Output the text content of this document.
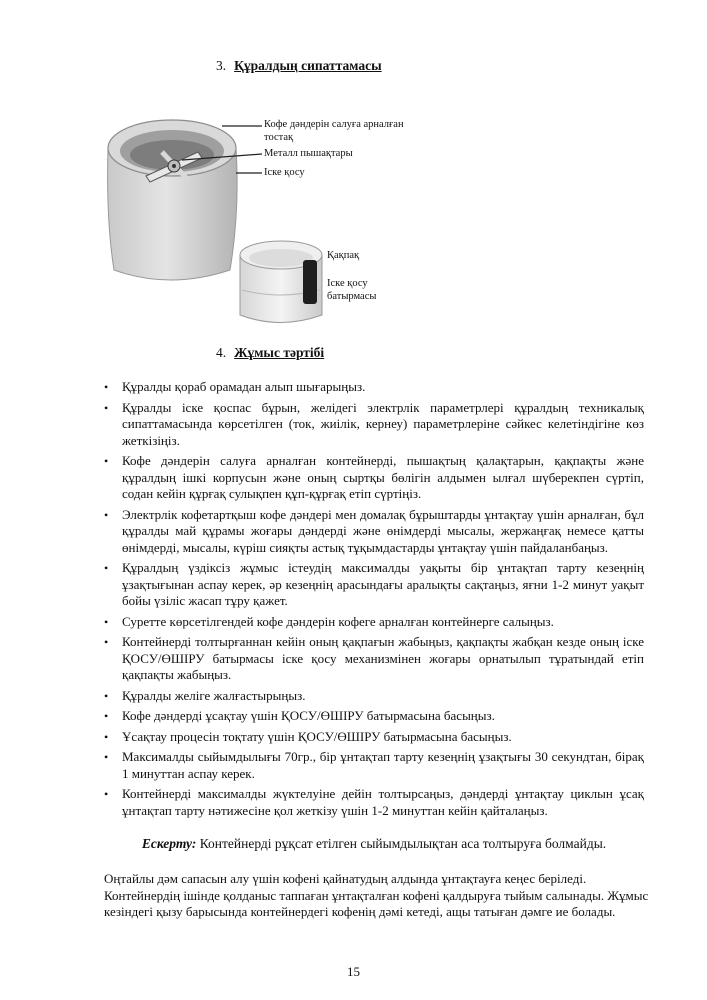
3. Құралдың сипаттамасы
Кофе дәндерін салуға арналған тостақ
Металл пышақтары
Іске қосу
Қақпақ
Іске қосу батырмасы
4. Жұмыс тәртібі
• Құралды қораб орамадан алып шығарыңыз.
• Құралды іске қоспас бұрын, желідегі электрлік параметрлері құралдың техникалық сипаттамасында көрсетілген (ток, жиілік, кернеу) параметрлеріне сәйкес келетіндігіне көз жеткізіңіз.
• Кофе дәндерін салуға арналған контейнерді, пышақтың қалақтарын, қақпақты және құралдың ішкі корпусын және оның сыртқы бөлігін алдымен ылғал шүберекпен сүртіп, содан кейін құрғақ сулықпен құп-құрғақ етіп сүртіңіз.
• Электрлік кофетартқыш кофе дәндері мен домалақ бұрыштарды ұнтақтау үшін арналған, бұл құралды май құрамы жоғары дәндерді және өнімдерді мысалы, жержаңғақ немесе қатты өнімдерді, мысалы, күріш сияқты астық тұқымдастарды ұнтақтау үшін пайдаланбаңыз.
• Құралдың үздіксіз жұмыс істеудің максималды уақыты бір ұнтақтап тарту кезеңнің ұзақтығынан аспау керек, әр кезеңнің арасындағы аралықты сақтаңыз, яғни 1-2 минут уақыт бойы үзіліс жасап тұру қажет.
• Суретте көрсетілгендей кофе дәндерін кофеге арналған контейнерге салыңыз.
• Контейнерді толтырғаннан кейін оның қақпағын жабыңыз, қақпақты жабқан кезде оның іске ҚОСУ/ӨШІРУ батырмасы іске қосу механизмінен жоғары орнатылып тұратындай етіп қақпақты жабыңыз.
• Құралды желіге жалғастырыңыз.
• Кофе дәндерді ұсақтау үшін ҚОСУ/ӨШІРУ батырмасына басыңыз.
• Ұсақтау процесін тоқтату үшін ҚОСУ/ӨШІРУ батырмасына басыңыз.
• Максималды сыйымдылығы 70гр., бір ұнтақтап тарту кезеңнің ұзақтығы 30 секундтан, бірақ 1 минуттан аспау керек.
• Контейнерді максималды жүктелуіне дейін толтырсаңыз, дәндерді ұнтақтау циклын ұсақ ұнтақтап тарту нәтижесіне қол жеткізу үшін 1-2 минуттан кейін қайталаңыз.
Ескерту: Контейнерді рұқсат етілген сыйымдылықтан аса толтыруға болмайды.

Оңтайлы дәм сапасын алу үшін кофені қайнатудың алдында ұнтақтауға кеңес беріледі. Контейнердің ішінде қолданыс таппаған ұнтақталған кофені қалдыруға тыйым салынады. Жұмыс кезіндегі қызу барысында контейнердегі кофенің дәмі кетеді, ащы татыған дәмге ие болады.

15
